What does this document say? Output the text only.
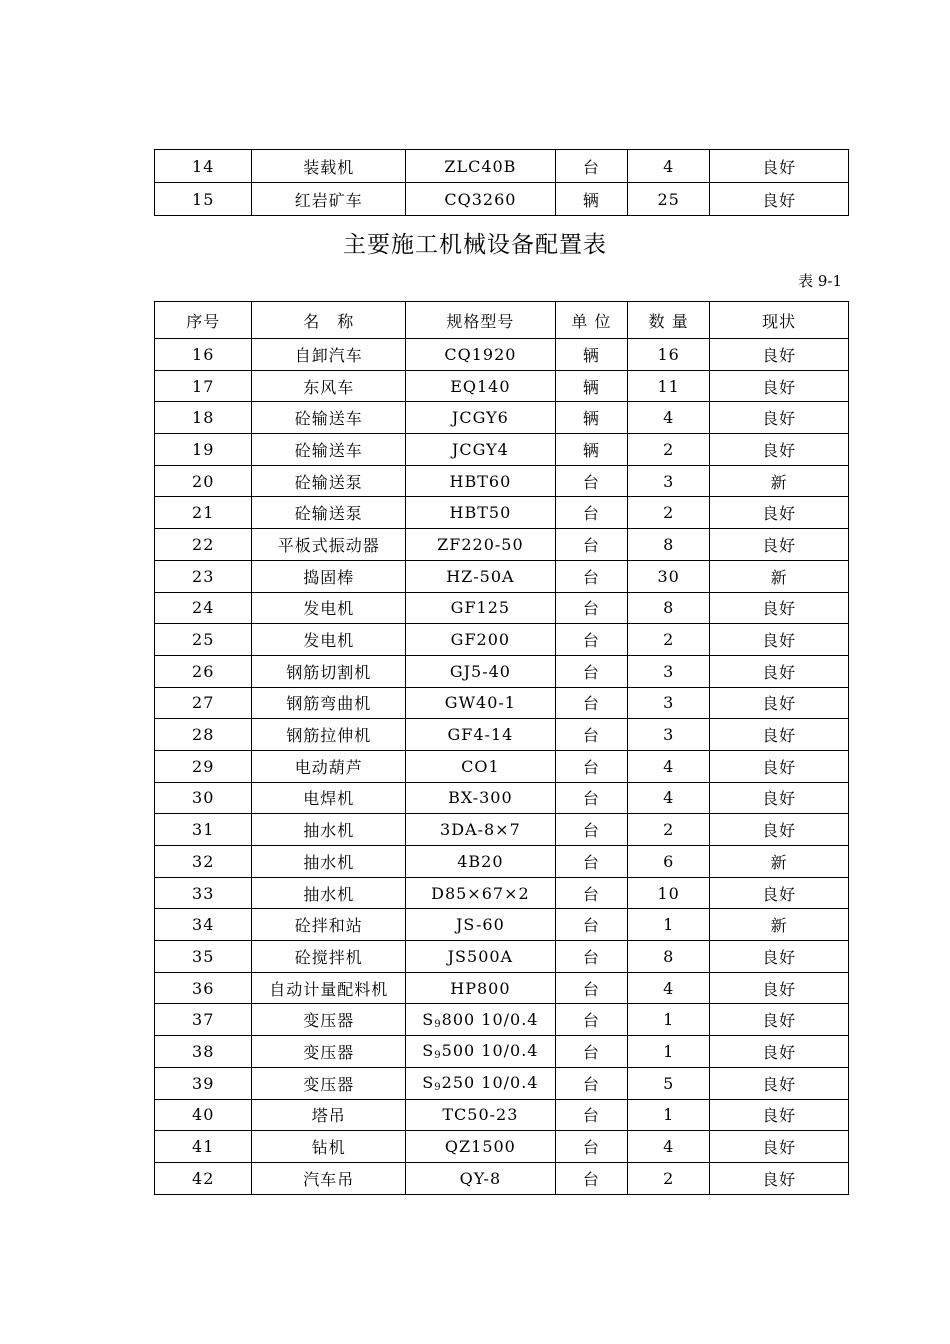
14	装载机	ZLC40B	台	4	良好
15	红岩矿车	CQ3260	辆	25	良好
主要施工机械设备配置表
表 9-1
序号	名　称	规格型号	单 位	数 量	现状
16	自卸汽车	CQ1920	辆	16	良好
17	东风车	EQ140	辆	11	良好
18	砼输送车	JCGY6	辆	4	良好
19	砼输送车	JCGY4	辆	2	良好
20	砼输送泵	HBT60	台	3	新
21	砼输送泵	HBT50	台	2	良好
22	平板式振动器	ZF220-50	台	8	良好
23	捣固棒	HZ-50A	台	30	新
24	发电机	GF125	台	8	良好
25	发电机	GF200	台	2	良好
26	钢筋切割机	GJ5-40	台	3	良好
27	钢筋弯曲机	GW40-1	台	3	良好
28	钢筋拉伸机	GF4-14	台	3	良好
29	电动葫芦	CO1	台	4	良好
30	电焊机	BX-300	台	4	良好
31	抽水机	3DA-8×7	台	2	良好
32	抽水机	4B20	台	6	新
33	抽水机	D85×67×2	台	10	良好
34	砼拌和站	JS-60	台	1	新
35	砼搅拌机	JS500A	台	8	良好
36	自动计量配料机	HP800	台	4	良好
37	变压器	$S_9800$ 10/0.4	台	1	良好
38	变压器	$S_9500$ 10/0.4	台	1	良好
39	变压器	$S_9250$ 10/0.4	台	5	良好
40	塔吊	TC50-23	台	1	良好
41	钻机	QZ1500	台	4	良好
42	汽车吊	QY-8	台	2	良好
